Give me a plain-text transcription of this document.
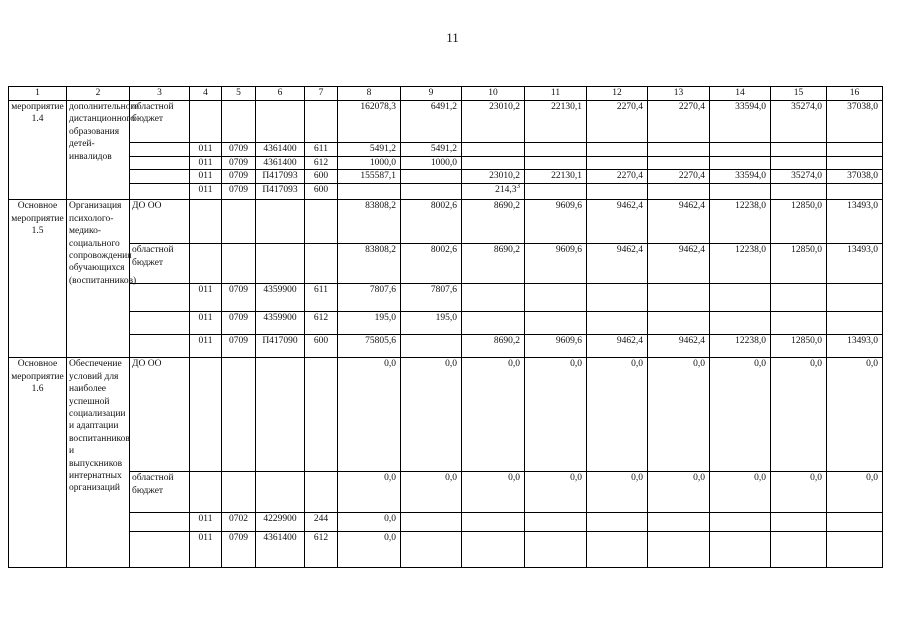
11
1	2	3	4	5	6	7	8	9	10	11	12	13	14	15	16
мероприятие 1.4	дополнительного дистанционного образования детей-инвалидов	областной бюджет					162078,3	6491,2	23010,2	22130,1	2270,4	2270,4	33594,0	35274,0	37038,0
			011	0709	4361400	611	5491,2	5491,2							
			011	0709	4361400	612	1000,0	1000,0							
			011	0709	П417093	600	155587,1		23010,2	22130,1	2270,4	2270,4	33594,0	35274,0	37038,0
			011	0709	П417093	600			214,3$^3$						
Основное мероприятие 1.5	Организация психолого-медико-социального сопровождения обучающихся (воспитанников)	ДО ОО					83808,2	8002,6	8690,2	9609,6	9462,4	9462,4	12238,0	12850,0	13493,0
		областной бюджет					83808,2	8002,6	8690,2	9609,6	9462,4	9462,4	12238,0	12850,0	13493,0
			011	0709	4359900	611	7807,6	7807,6							
			011	0709	4359900	612	195,0	195,0							
			011	0709	П417090	600	75805,6		8690,2	9609,6	9462,4	9462,4	12238,0	12850,0	13493,0
Основное мероприятие 1.6	Обеспечение условий для наиболее успешной социализации и адаптации воспитанников и выпускников интернатных организаций	ДО ОО					0,0	0,0	0,0	0,0	0,0	0,0	0,0	0,0	0,0
		областной бюджет					0,0	0,0	0,0	0,0	0,0	0,0	0,0	0,0	0,0
			011	0702	4229900	244	0,0								
			011	0709	4361400	612	0,0								
